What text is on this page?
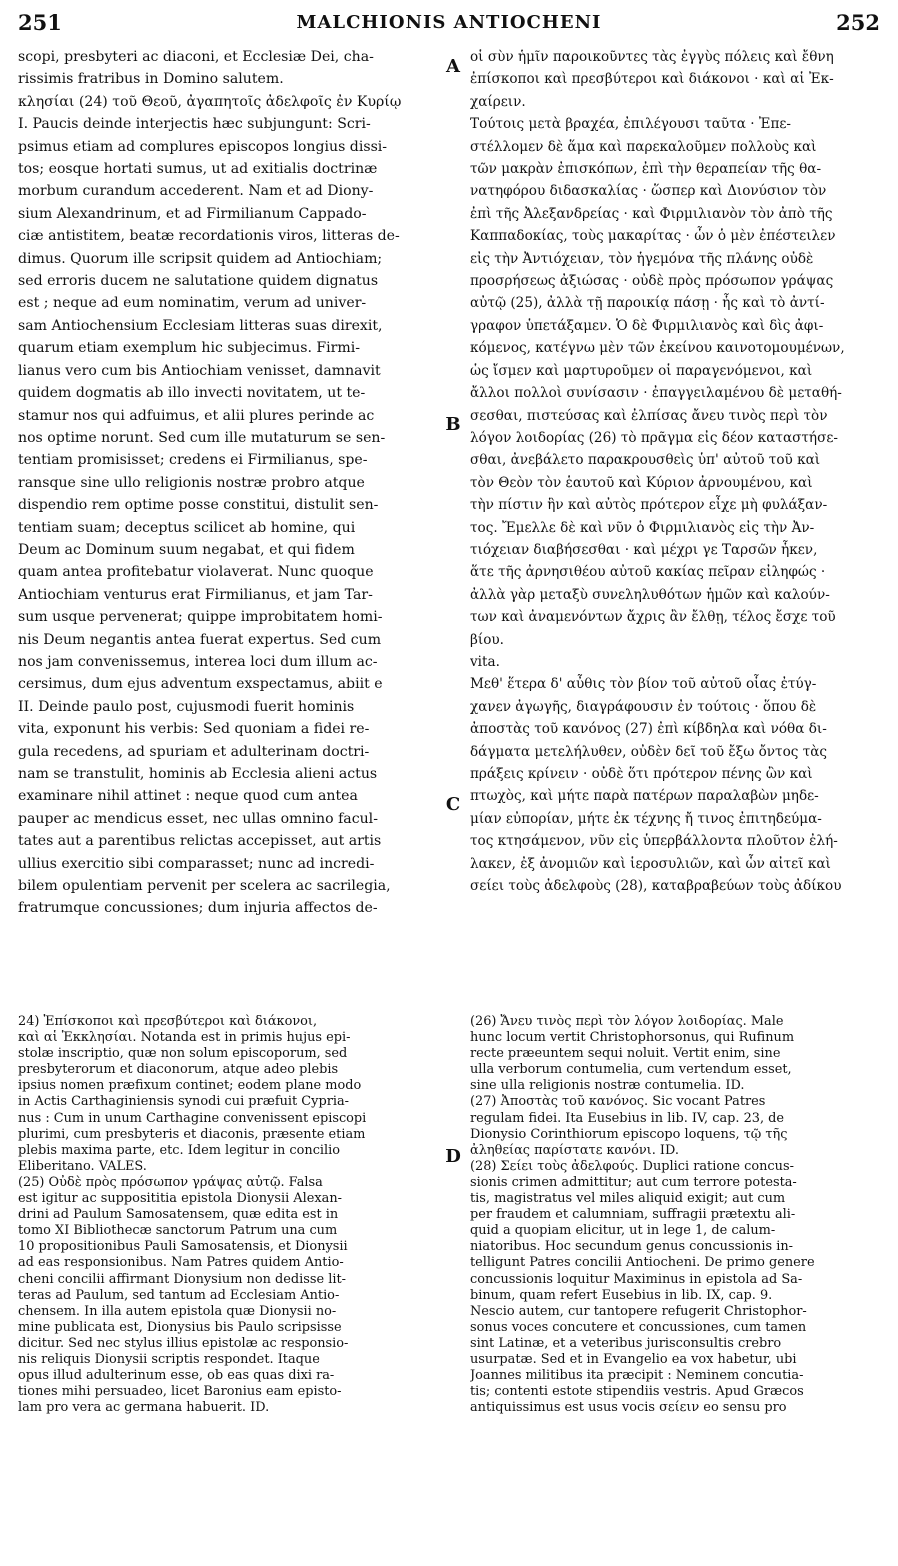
251	MALCHIONIS ANTIOCHENI	252
A
B
C
D
scopi, presbyteri ac diaconi, et Ecclesiæ Dei, cha-
rissimis fratribus in Domino salutem.
κλησίαι (24) τοῦ Θεοῦ, ἀγαπητοῖς ἀδελφοῖς ἐν Κυρίῳ
I. Paucis deinde interjectis hæc subjungunt: Scri-
psimus etiam ad complures episcopos longius dissi-
tos; eosque hortati sumus, ut ad exitialis doctrinæ
morbum curandum accederent. Nam et ad Diony-
sium Alexandrinum, et ad Firmilianum Cappado-
ciæ antistitem, beatæ recordationis viros, litteras de-
dimus. Quorum ille scripsit quidem ad Antiochiam;
sed erroris ducem ne salutatione quidem dignatus
est ; neque ad eum nominatim, verum ad univer-
sam Antiochensium Ecclesiam litteras suas direxit,
quarum etiam exemplum hic subjecimus. Firmi-
lianus vero cum bis Antiochiam venisset, damnavit
quidem dogmatis ab illo invecti novitatem, ut te-
stamur nos qui adfuimus, et alii plures perinde ac
nos optime norunt. Sed cum ille mutaturum se sen-
tentiam promisisset; credens ei Firmilianus, spe-
ransque sine ullo religionis nostræ probro atque
dispendio rem optime posse constitui, distulit sen-
tentiam suam; deceptus scilicet ab homine, qui
Deum ac Dominum suum negabat, et qui fidem
quam antea profitebatur violaverat. Nunc quoque
Antiochiam venturus erat Firmilianus, et jam Tar-
sum usque pervenerat; quippe improbitatem homi-
nis Deum negantis antea fuerat expertus. Sed cum
nos jam convenissemus, interea loci dum illum ac-
cersimus, dum ejus adventum exspectamus, abiit e
II. Deinde paulo post, cujusmodi fuerit hominis
vita, exponunt his verbis: Sed quoniam a fidei re-
gula recedens, ad spuriam et adulterinam doctri-
nam se transtulit, hominis ab Ecclesia alieni actus
examinare nihil attinet : neque quod cum antea
pauper ac mendicus esset, nec ullas omnino facul-
tates aut a parentibus relictas accepisset, aut artis
ullius exercitio sibi comparasset; nunc ad incredi-
bilem opulentiam pervenit per scelera ac sacrilegia,
fratrumque concussiones; dum injuria affectos de-
οἱ σὺν ἡμῖν παροικοῦντες τὰς ἐγγὺς πόλεις καὶ ἔθνη
ἐπίσκοποι καὶ πρεσβύτεροι καὶ διάκονοι · καὶ αἱ Ἐκ-
χαίρειν.
Τούτοις μετὰ βραχέα, ἐπιλέγουσι ταῦτα · Ἐπε-
στέλλομεν δὲ ἅμα καὶ παρεκαλοῦμεν πολλοὺς καὶ
τῶν μακρὰν ἐπισκόπων, ἐπὶ τὴν θεραπείαν τῆς θα-
νατηφόρου διδασκαλίας · ὥσπερ καὶ Διονύσιον τὸν
ἐπὶ τῆς Ἀλεξανδρείας · καὶ Φιρμιλιανὸν τὸν ἀπὸ τῆς
Καππαδοκίας, τοὺς μακαρίτας · ὧν ὁ μὲν ἐπέστειλεν
εἰς τὴν Ἀντιόχειαν, τὸν ἡγεμόνα τῆς πλάνης οὐδὲ
προσρήσεως ἀξιώσας · οὐδὲ πρὸς πρόσωπον γράψας
αὐτῷ (25), ἀλλὰ τῇ παροικίᾳ πάσῃ · ἧς καὶ τὸ ἀντί-
γραφον ὑπετάξαμεν. Ὁ δὲ Φιρμιλιανὸς καὶ δὶς ἀφι-
κόμενος, κατέγνω μὲν τῶν ἐκείνου καινοτομουμένων,
ὡς ἴσμεν καὶ μαρτυροῦμεν οἱ παραγενόμενοι, καὶ
ἄλλοι πολλοὶ συνίσασιν · ἐπαγγειλαμένου δὲ μεταθή-
σεσθαι, πιστεύσας καὶ ἐλπίσας ἄνευ τινὸς περὶ τὸν
λόγον λοιδορίας (26) τὸ πρᾶγμα εἰς δέον καταστήσε-
σθαι, ἀνεβάλετο παρακρουσθεὶς ὑπ' αὐτοῦ τοῦ καὶ
τὸν Θεὸν τὸν ἑαυτοῦ καὶ Κύριον ἀρνουμένου, καὶ
τὴν πίστιν ἣν καὶ αὐτὸς πρότερον εἶχε μὴ φυλάξαν-
τος. Ἔμελλε δὲ καὶ νῦν ὁ Φιρμιλιανὸς εἰς τὴν Ἀν-
τιόχειαν διαβήσεσθαι · καὶ μέχρι γε Ταρσῶν ἧκεν,
ἅτε τῆς ἀρνησιθέου αὐτοῦ κακίας πεῖραν εἰληφώς ·
ἀλλὰ γὰρ μεταξὺ συνεληλυθότων ἡμῶν καὶ καλούν-
των καὶ ἀναμενόντων ἄχρις ἂν ἔλθῃ, τέλος ἔσχε τοῦ
βίου.
vita.
Μεθ' ἕτερα δ' αὖθις τὸν βίον τοῦ αὐτοῦ οἷας ἐτύγ-
χανεν ἀγωγῆς, διαγράφουσιν ἐν τούτοις · ὅπου δὲ
ἀποστὰς τοῦ κανόνος (27) ἐπὶ κίβδηλα καὶ νόθα δι-
δάγματα μετελήλυθεν, οὐδὲν δεῖ τοῦ ἔξω ὄντος τὰς
πράξεις κρίνειν · οὐδὲ ὅτι πρότερον πένης ὢν καὶ
πτωχὸς, καὶ μήτε παρὰ πατέρων παραλαβὼν μηδε-
μίαν εὐπορίαν, μήτε ἐκ τέχνης ἤ τινος ἐπιτηδεύμα-
τος κτησάμενον, νῦν εἰς ὑπερβάλλοντα πλοῦτον ἐλή-
λακεν, ἐξ ἀνομιῶν καὶ ἱεροσυλιῶν, καὶ ὧν αἰτεῖ καὶ
σείει τοὺς ἀδελφοὺς (28), καταβραβεύων τοὺς ἀδίκου
24) Ἐπίσκοποι καὶ πρεσβύτεροι καὶ διάκονοι,
καὶ αἱ Ἐκκλησίαι. Notanda est in primis hujus epi-
stolæ inscriptio, quæ non solum episcoporum, sed
presbyterorum et diaconorum, atque adeo plebis
ipsius nomen præfixum continet; eodem plane modo
in Actis Carthaginiensis synodi cui præfuit Cypria-
nus : Cum in unum Carthagine convenissent episcopi
plurimi, cum presbyteris et diaconis, præsente etiam
plebis maxima parte, etc. Idem legitur in concilio
Eliberitano. VALES.
(25) Οὐδὲ πρὸς πρόσωπον γράψας αὐτῷ. Falsa
est igitur ac supposititia epistola Dionysii Alexan-
drini ad Paulum Samosatensem, quæ edita est in
tomo XI Bibliothecæ sanctorum Patrum una cum
10 propositionibus Pauli Samosatensis, et Dionysii
ad eas responsionibus. Nam Patres quidem Antio-
cheni concilii affirmant Dionysium non dedisse lit-
teras ad Paulum, sed tantum ad Ecclesiam Antio-
chensem. In illa autem epistola quæ Dionysii no-
mine publicata est, Dionysius bis Paulo scripsisse
dicitur. Sed nec stylus illius epistolæ ac responsio-
nis reliquis Dionysii scriptis respondet. Itaque
opus illud adulterinum esse, ob eas quas dixi ra-
tiones mihi persuadeo, licet Baronius eam episto-
lam pro vera ac germana habuerit. ID.
(26) Ἄνευ τινὸς περὶ τὸν λόγον λοιδορίας. Male
hunc locum vertit Christophorsonus, qui Rufinum
recte præeuntem sequi noluit. Vertit enim, sine
ulla verborum contumelia, cum vertendum esset,
sine ulla religionis nostræ contumelia. ID.
(27) Ἀποστὰς τοῦ κανόνος. Sic vocant Patres
regulam fidei. Ita Eusebius in lib. IV, cap. 23, de
Dionysio Corinthiorum episcopo loquens, τῷ τῆς
ἀληθείας παρίστατε κανόνι. ID.
(28) Σείει τοὺς ἀδελφούς. Duplici ratione concus-
sionis crimen admittitur; aut cum terrore potesta-
tis, magistratus vel miles aliquid exigit; aut cum
per fraudem et calumniam, suffragii prætextu ali-
quid a quopiam elicitur, ut in lege 1, de calum-
niatoribus. Hoc secundum genus concussionis in-
telligunt Patres concilii Antiocheni. De primo genere
concussionis loquitur Maximinus in epistola ad Sa-
binum, quam refert Eusebius in lib. IX, cap. 9.
Nescio autem, cur tantopere refugerit Christophor-
sonus voces concutere et concussiones, cum tamen
sint Latinæ, et a veteribus jurisconsultis crebro
usurpatæ. Sed et in Evangelio ea vox habetur, ubi
Joannes militibus ita præcipit : Neminem concutia-
tis; contenti estote stipendiis vestris. Apud Græcos
antiquissimus est usus vocis σείειν eo sensu pro
